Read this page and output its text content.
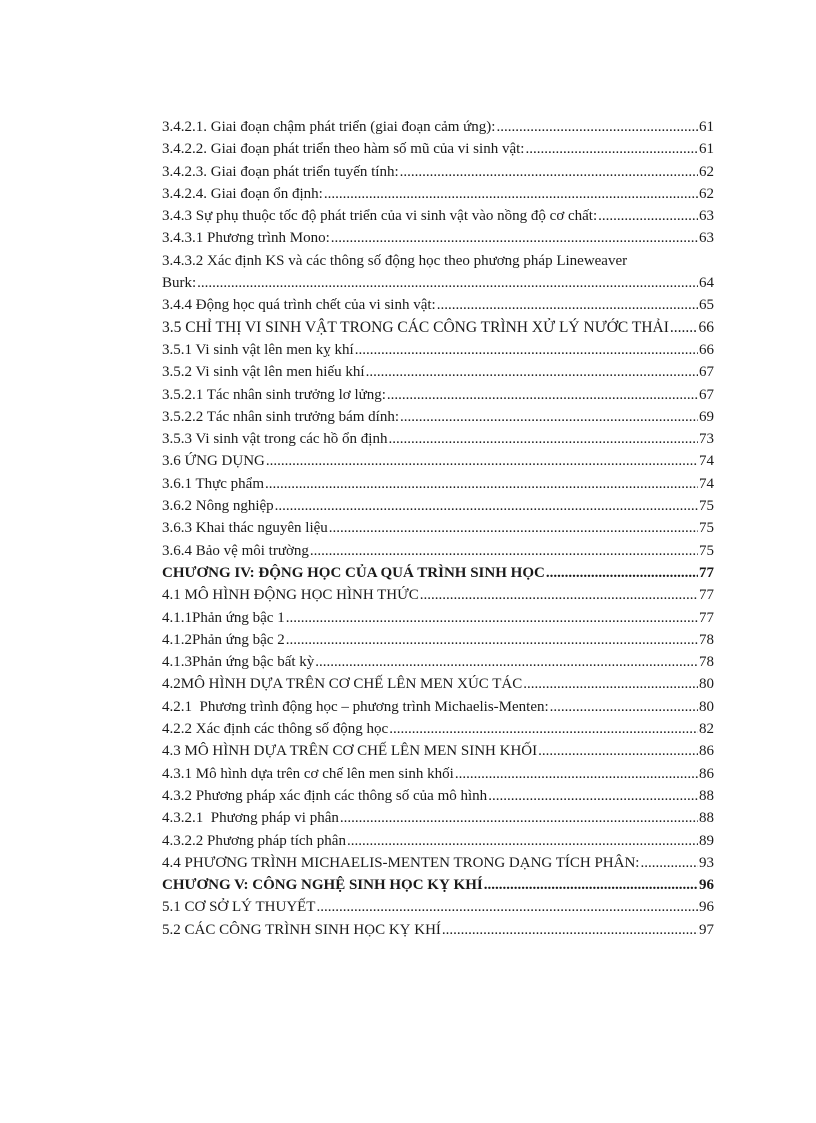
3.4.2.1. Giai đoạn chậm phát triển (giai đoạn cảm ứng): .....	61
3.4.2.2. Giai đoạn phát triển theo hàm số mũ của vi sinh vật: .....	61
3.4.2.3. Giai đoạn phát triển tuyến tính: .....	62
3.4.2.4. Giai đoạn ổn định: .....	62
3.4.3 Sự phụ thuộc tốc độ phát triển của vi sinh vật vào nồng độ cơ chất: .....	63
3.4.3.1 Phương trình Mono: .....	63
3.4.3.2 Xác định KS và các thông số động học theo phương pháp Lineweaver
Burk: .....	64
3.4.4 Động học quá trình chết của vi sinh vật: .....	65
3.5 CHỈ THỊ VI SINH VẬT TRONG CÁC CÔNG TRÌNH XỬ LÝ NƯỚC THẢI ..... 66
3.5.1 Vi sinh vật lên men kỵ khí .....	66
3.5.2 Vi sinh vật lên men hiếu khí .....	67
3.5.2.1 Tác nhân sinh trưởng lơ lửng: .....	67
3.5.2.2 Tác nhân sinh trưởng bám dính: .....	69
3.5.3 Vi sinh vật trong các hồ ổn định .....	73
3.6 ỨNG DỤNG .....	74
3.6.1 Thực phẩm .....	74
3.6.2 Nông nghiệp .....	75
3.6.3 Khai thác nguyên liệu .....	75
3.6.4 Bảo vệ môi trường .....	75
CHƯƠNG IV: ĐỘNG HỌC CỦA QUÁ TRÌNH SINH HỌC .....	77
4.1 MÔ HÌNH ĐỘNG HỌC HÌNH THỨC .....	77
4.1.1Phản ứng bậc 1 .....	77
4.1.2Phản ứng bậc 2 .....	78
4.1.3Phản ứng bậc bất kỳ .....	78
4.2MÔ HÌNH DỰA TRÊN CƠ CHẾ LÊN MEN XÚC TÁC .....	80
4.2.1  Phương trình động học – phương trình Michaelis-Menten: .....	80
4.2.2 Xác định các thông số động học .....	82
4.3 MÔ HÌNH DỰA TRÊN CƠ CHẾ LÊN MEN SINH KHỐI .....	86
4.3.1 Mô hình dựa trên cơ chế lên men sinh khối .....	86
4.3.2 Phương pháp xác định các thông số của mô hình .....	88
4.3.2.1  Phương pháp vi phân .....	88
4.3.2.2 Phương pháp tích phân .....	89
4.4 PHƯƠNG TRÌNH MICHAELIS-MENTEN TRONG DẠNG TÍCH PHÂN: .....	93
CHƯƠNG V: CÔNG NGHỆ SINH HỌC KỴ KHÍ .....	96
5.1 CƠ SỞ LÝ THUYẾT .....	96
5.2 CÁC CÔNG TRÌNH SINH HỌC KỴ KHÍ .....	97
